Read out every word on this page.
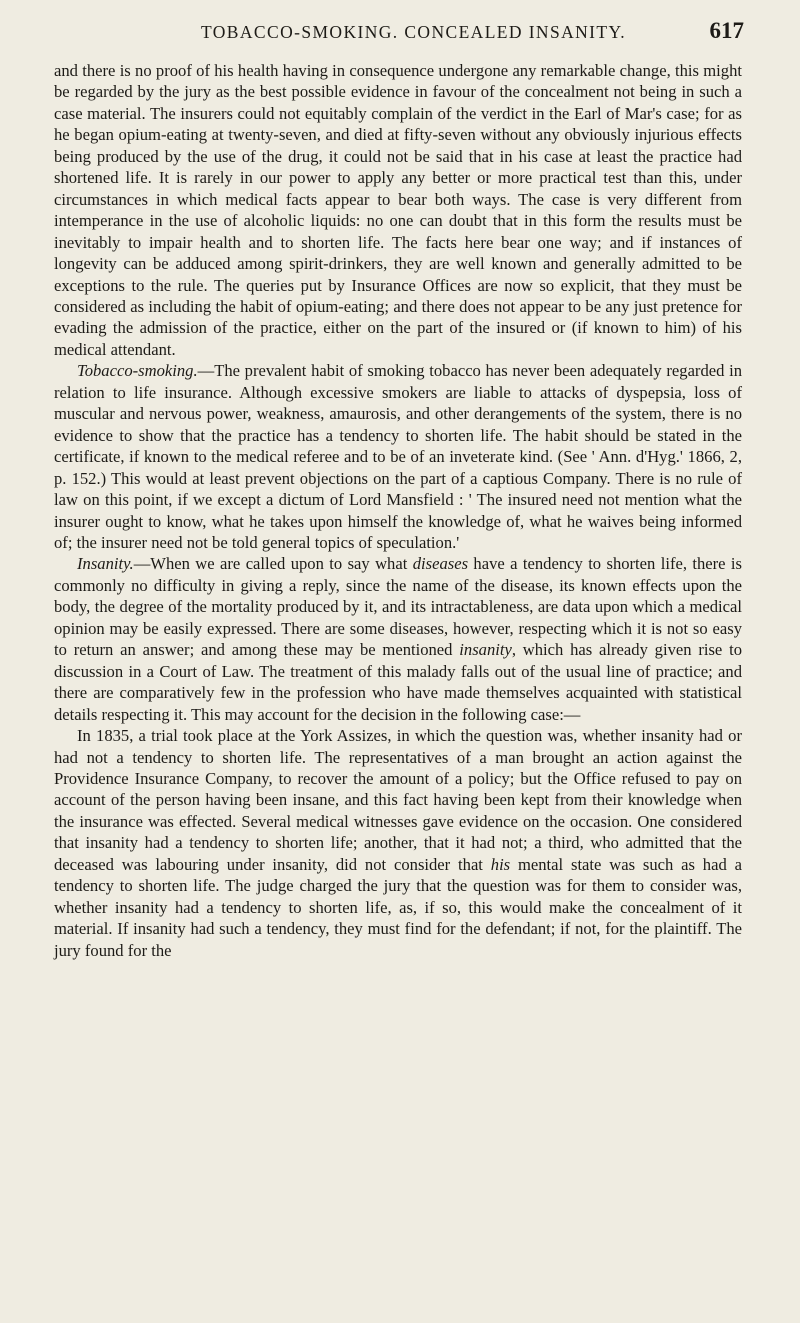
TOBACCO-SMOKING. CONCEALED INSANITY.	617

and there is no proof of his health having in consequence undergone any remarkable change, this might be regarded by the jury as the best possible evidence in favour of the concealment not being in such a case material. The insurers could not equitably complain of the verdict in the Earl of Mar's case; for as he began opium-eating at twenty-seven, and died at fifty-seven without any obviously injurious effects being produced by the use of the drug, it could not be said that in his case at least the practice had shortened life. It is rarely in our power to apply any better or more practical test than this, under circumstances in which medical facts appear to bear both ways. The case is very different from intemperance in the use of alcoholic liquids: no one can doubt that in this form the results must be inevitably to impair health and to shorten life. The facts here bear one way; and if instances of longevity can be adduced among spirit-drinkers, they are well known and generally admitted to be exceptions to the rule. The queries put by Insurance Offices are now so explicit, that they must be considered as including the habit of opium-eating; and there does not appear to be any just pretence for evading the admission of the practice, either on the part of the insured or (if known to him) of his medical attendant.

Tobacco-smoking.—The prevalent habit of smoking tobacco has never been adequately regarded in relation to life insurance. Although excessive smokers are liable to attacks of dyspepsia, loss of muscular and nervous power, weakness, amaurosis, and other derangements of the system, there is no evidence to show that the practice has a tendency to shorten life. The habit should be stated in the certificate, if known to the medical referee and to be of an inveterate kind. (See ' Ann. d'Hyg.' 1866, 2, p. 152.) This would at least prevent objections on the part of a captious Company. There is no rule of law on this point, if we except a dictum of Lord Mansfield : ' The insured need not mention what the insurer ought to know, what he takes upon himself the knowledge of, what he waives being informed of; the insurer need not be told general topics of speculation.'

Insanity.—When we are called upon to say what diseases have a tendency to shorten life, there is commonly no difficulty in giving a reply, since the name of the disease, its known effects upon the body, the degree of the mortality produced by it, and its intractableness, are data upon which a medical opinion may be easily expressed. There are some diseases, however, respecting which it is not so easy to return an answer; and among these may be mentioned insanity, which has already given rise to discussion in a Court of Law. The treatment of this malady falls out of the usual line of practice; and there are comparatively few in the profession who have made themselves acquainted with statistical details respecting it. This may account for the decision in the following case:—

In 1835, a trial took place at the York Assizes, in which the question was, whether insanity had or had not a tendency to shorten life. The representatives of a man brought an action against the Providence Insurance Company, to recover the amount of a policy; but the Office refused to pay on account of the person having been insane, and this fact having been kept from their knowledge when the insurance was effected. Several medical witnesses gave evidence on the occasion. One considered that insanity had a tendency to shorten life; another, that it had not; a third, who admitted that the deceased was labouring under insanity, did not consider that his mental state was such as had a tendency to shorten life. The judge charged the jury that the question was for them to consider was, whether insanity had a tendency to shorten life, as, if so, this would make the concealment of it material. If insanity had such a tendency, they must find for the defendant; if not, for the plaintiff. The jury found for the
